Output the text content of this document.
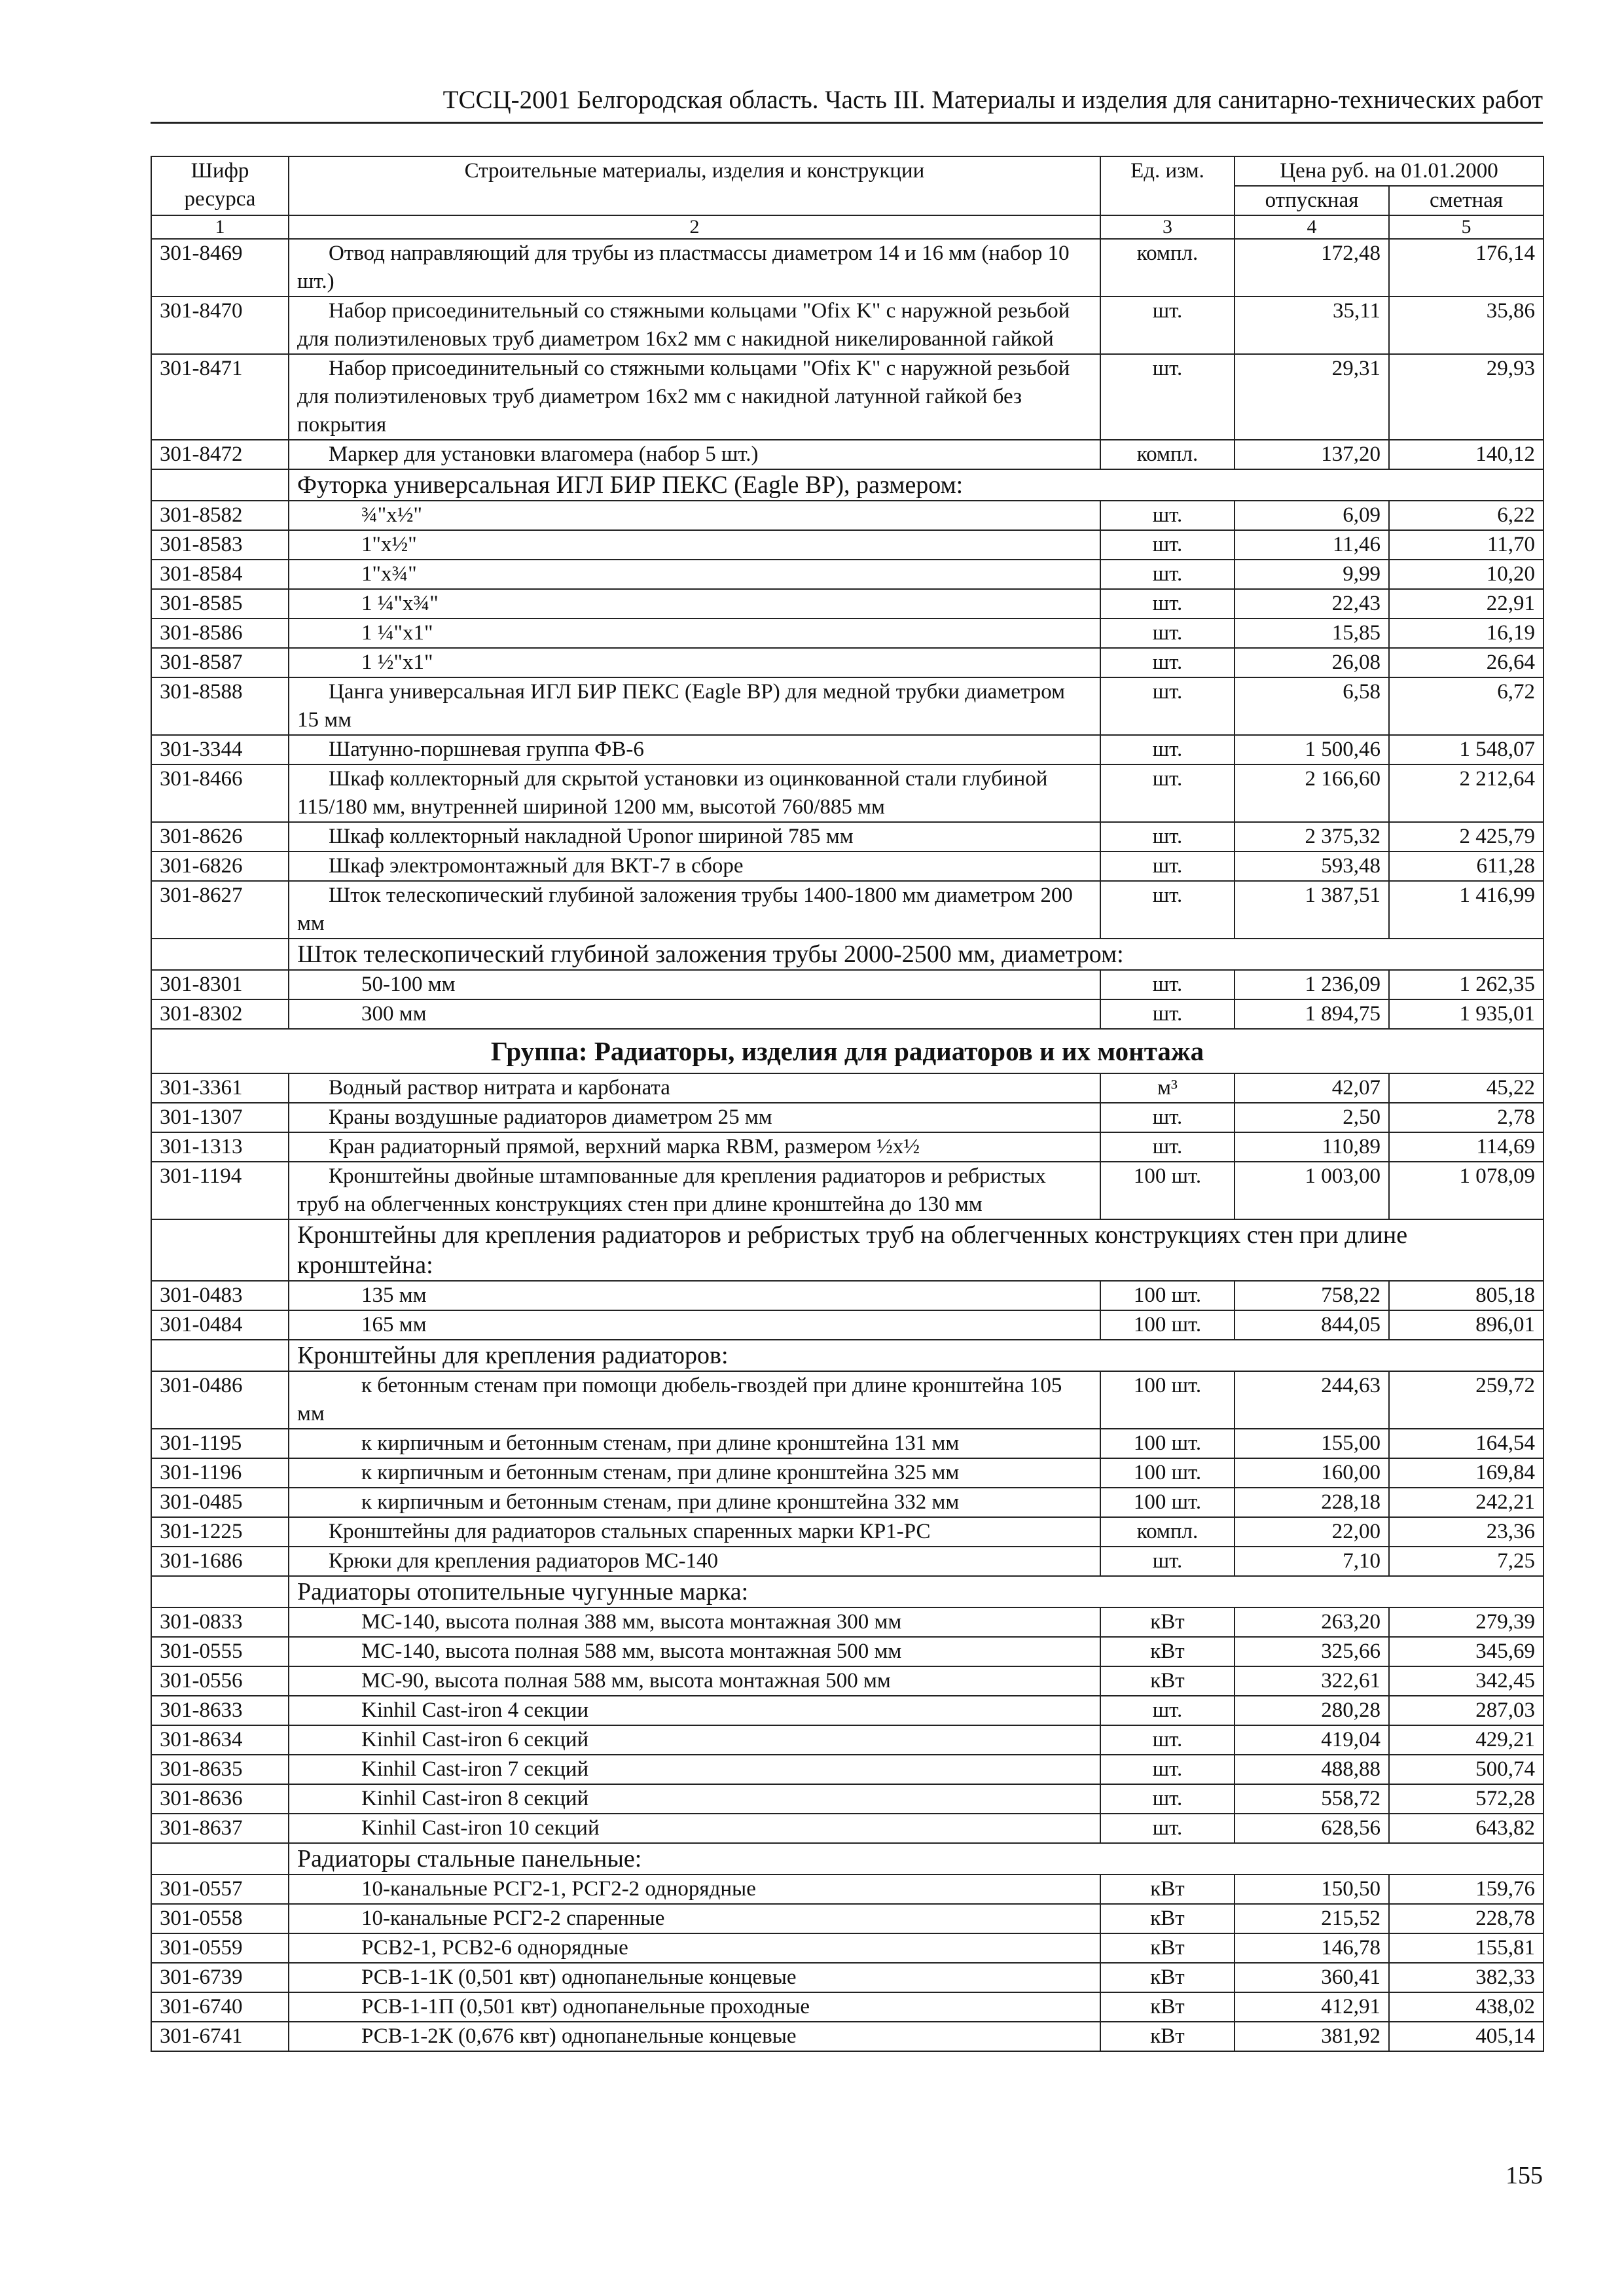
ТССЦ-2001 Белгородская область. Часть III. Материалы и изделия для санитарно-технических работ
Шифр ресурса	Строительные материалы, изделия и конструкции	Ед. изм.	Цена руб. на 01.01.2000	
			отпускная	сметная
1	2	3	4	5
301-8469	Отвод направляющий для трубы из пластмассы диаметром 14 и 16 мм (набор 10 шт.)	компл.	172,48	176,14
301-8470	Набор присоединительный со стяжными кольцами "Ofix K" с наружной резьбой для полиэтиленовых труб диаметром 16х2 мм с накидной никелированной гайкой	шт.	35,11	35,86
301-8471	Набор присоединительный со стяжными кольцами "Ofix K" с наружной резьбой для полиэтиленовых труб диаметром 16х2 мм с накидной латунной гайкой без покрытия	шт.	29,31	29,93
301-8472	Маркер для установки влагомера (набор 5 шт.)	компл.	137,20	140,12
	Футорка универсальная ИГЛ БИР ПЕКС (Eagle BP), размером:			
301-8582	¾"х½"	шт.	6,09	6,22
301-8583	1"х½"	шт.	11,46	11,70
301-8584	1"х¾"	шт.	9,99	10,20
301-8585	1 ¼"х¾"	шт.	22,43	22,91
301-8586	1 ¼"х1"	шт.	15,85	16,19
301-8587	1 ½"х1"	шт.	26,08	26,64
301-8588	Цанга универсальная ИГЛ БИР ПЕКС (Eagle BP) для медной трубки диаметром 15 мм	шт.	6,58	6,72
301-3344	Шатунно-поршневая группа ФВ-6	шт.	1 500,46	1 548,07
301-8466	Шкаф коллекторный для скрытой установки из оцинкованной стали глубиной 115/180 мм, внутренней шириной 1200 мм, высотой 760/885 мм	шт.	2 166,60	2 212,64
301-8626	Шкаф коллекторный накладной Uponor шириной 785 мм	шт.	2 375,32	2 425,79
301-6826	Шкаф электромонтажный для ВКТ-7 в сборе	шт.	593,48	611,28
301-8627	Шток телескопический глубиной заложения трубы 1400-1800 мм диаметром 200 мм	шт.	1 387,51	1 416,99
	Шток телескопический глубиной заложения трубы 2000-2500 мм, диаметром:			
301-8301	50-100 мм	шт.	1 236,09	1 262,35
301-8302	300 мм	шт.	1 894,75	1 935,01
Группа: Радиаторы, изделия для радиаторов и их монтажа				
301-3361	Водный раствор нитрата и карбоната	м³	42,07	45,22
301-1307	Краны воздушные радиаторов диаметром 25 мм	шт.	2,50	2,78
301-1313	Кран радиаторный прямой, верхний марка RBM, размером ½х½	шт.	110,89	114,69
301-1194	Кронштейны двойные штампованные для крепления радиаторов и ребристых труб на облегченных конструкциях стен при длине кронштейна до 130 мм	100 шт.	1 003,00	1 078,09
	Кронштейны для крепления радиаторов и ребристых труб на облегченных конструкциях стен при длине кронштейна:			
301-0483	135 мм	100 шт.	758,22	805,18
301-0484	165 мм	100 шт.	844,05	896,01
	Кронштейны для крепления радиаторов:			
301-0486	к бетонным стенам при помощи дюбель-гвоздей при длине кронштейна 105 мм	100 шт.	244,63	259,72
301-1195	к кирпичным и бетонным стенам, при длине кронштейна 131 мм	100 шт.	155,00	164,54
301-1196	к кирпичным и бетонным стенам, при длине кронштейна 325 мм	100 шт.	160,00	169,84
301-0485	к кирпичным и бетонным стенам, при длине кронштейна 332 мм	100 шт.	228,18	242,21
301-1225	Кронштейны для радиаторов стальных спаренных марки КР1-РС	компл.	22,00	23,36
301-1686	Крюки для крепления радиаторов МС-140	шт.	7,10	7,25
	Радиаторы отопительные чугунные марка:			
301-0833	МС-140, высота полная 388 мм, высота монтажная 300 мм	кВт	263,20	279,39
301-0555	МС-140, высота полная 588 мм, высота монтажная 500 мм	кВт	325,66	345,69
301-0556	МС-90, высота полная 588 мм, высота монтажная 500 мм	кВт	322,61	342,45
301-8633	Kinhil Cast-iron 4 секции	шт.	280,28	287,03
301-8634	Kinhil Cast-iron 6 секций	шт.	419,04	429,21
301-8635	Kinhil Cast-iron 7 секций	шт.	488,88	500,74
301-8636	Kinhil Cast-iron 8 секций	шт.	558,72	572,28
301-8637	Kinhil Cast-iron 10 секций	шт.	628,56	643,82
	Радиаторы стальные панельные:			
301-0557	10-канальные РСГ2-1, РСГ2-2 однорядные	кВт	150,50	159,76
301-0558	10-канальные РСГ2-2 спаренные	кВт	215,52	228,78
301-0559	РСВ2-1, РСВ2-6 однорядные	кВт	146,78	155,81
301-6739	РСВ-1-1К (0,501 квт) однопанельные концевые	кВт	360,41	382,33
301-6740	РСВ-1-1П (0,501 квт) однопанельные проходные	кВт	412,91	438,02
301-6741	РСВ-1-2К (0,676 квт) однопанельные концевые	кВт	381,92	405,14
155
